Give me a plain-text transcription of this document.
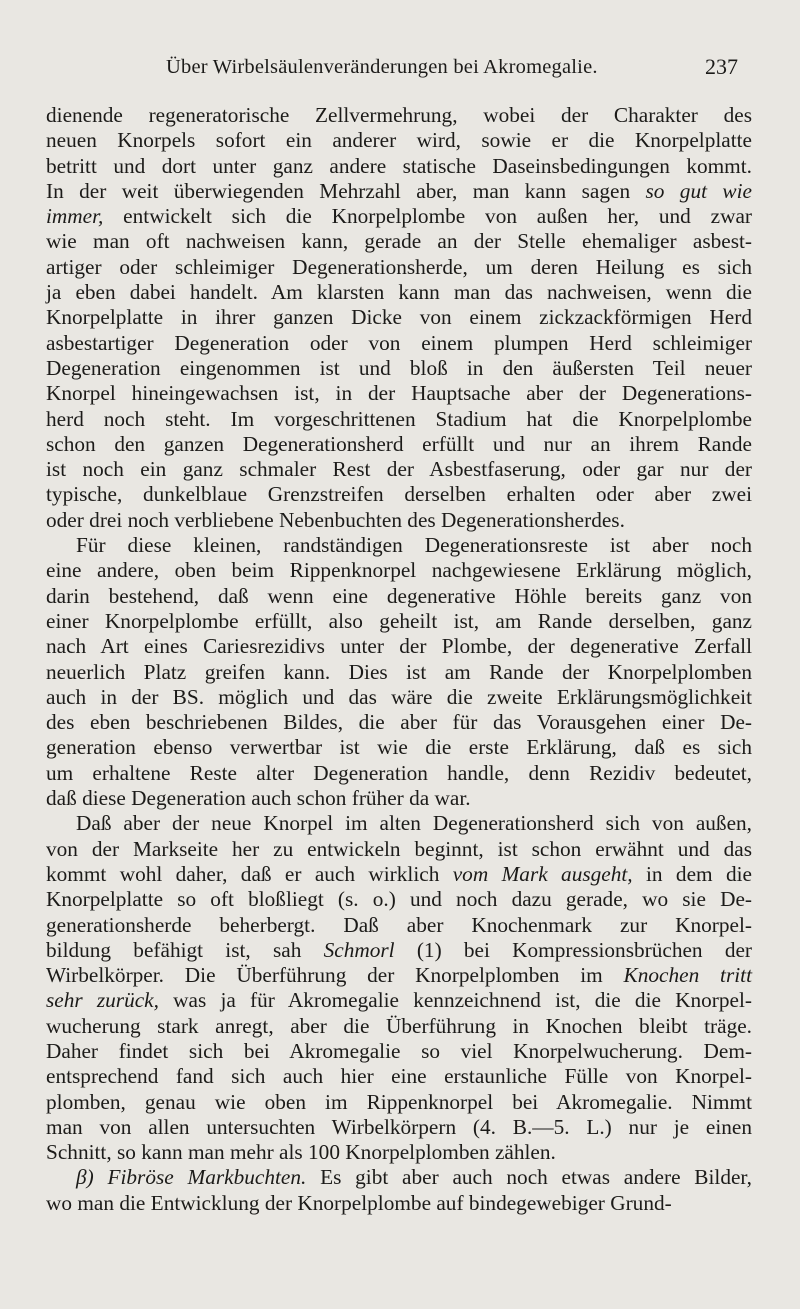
Über Wirbelsäulenveränderungen bei Akromegalie.	237
dienende regeneratorische Zellvermehrung, wobei der Charakter des
neuen Knorpels sofort ein anderer wird, sowie er die Knorpelplatte
betritt und dort unter ganz andere statische Daseinsbedingungen kommt.
In der weit überwiegenden Mehrzahl aber, man kann sagen so gut wie
immer, entwickelt sich die Knorpelplombe von außen her, und zwar
wie man oft nachweisen kann, gerade an der Stelle ehemaliger asbest-
artiger oder schleimiger Degenerationsherde, um deren Heilung es sich
ja eben dabei handelt. Am klarsten kann man das nachweisen, wenn die
Knorpelplatte in ihrer ganzen Dicke von einem zickzackförmigen Herd
asbestartiger Degeneration oder von einem plumpen Herd schleimiger
Degeneration eingenommen ist und bloß in den äußersten Teil neuer
Knorpel hineingewachsen ist, in der Hauptsache aber der Degenerations-
herd noch steht. Im vorgeschrittenen Stadium hat die Knorpelplombe
schon den ganzen Degenerationsherd erfüllt und nur an ihrem Rande
ist noch ein ganz schmaler Rest der Asbestfaserung, oder gar nur der
typische, dunkelblaue Grenzstreifen derselben erhalten oder aber zwei
oder drei noch verbliebene Nebenbuchten des Degenerationsherdes.
Für diese kleinen, randständigen Degenerationsreste ist aber noch
eine andere, oben beim Rippenknorpel nachgewiesene Erklärung möglich,
darin bestehend, daß wenn eine degenerative Höhle bereits ganz von
einer Knorpelplombe erfüllt, also geheilt ist, am Rande derselben, ganz
nach Art eines Cariesrezidivs unter der Plombe, der degenerative Zerfall
neuerlich Platz greifen kann. Dies ist am Rande der Knorpelplomben
auch in der BS. möglich und das wäre die zweite Erklärungsmöglichkeit
des eben beschriebenen Bildes, die aber für das Vorausgehen einer De-
generation ebenso verwertbar ist wie die erste Erklärung, daß es sich
um erhaltene Reste alter Degeneration handle, denn Rezidiv bedeutet,
daß diese Degeneration auch schon früher da war.
Daß aber der neue Knorpel im alten Degenerationsherd sich von außen,
von der Markseite her zu entwickeln beginnt, ist schon erwähnt und das
kommt wohl daher, daß er auch wirklich vom Mark ausgeht, in dem die
Knorpelplatte so oft bloßliegt (s. o.) und noch dazu gerade, wo sie De-
generationsherde beherbergt. Daß aber Knochenmark zur Knorpel-
bildung befähigt ist, sah Schmorl (1) bei Kompressionsbrüchen der
Wirbelkörper. Die Überführung der Knorpelplomben im Knochen tritt
sehr zurück, was ja für Akromegalie kennzeichnend ist, die die Knorpel-
wucherung stark anregt, aber die Überführung in Knochen bleibt träge.
Daher findet sich bei Akromegalie so viel Knorpelwucherung. Dem-
entsprechend fand sich auch hier eine erstaunliche Fülle von Knorpel-
plomben, genau wie oben im Rippenknorpel bei Akromegalie. Nimmt
man von allen untersuchten Wirbelkörpern (4. B.—5. L.) nur je einen
Schnitt, so kann man mehr als 100 Knorpelplomben zählen.
β) Fibröse Markbuchten. Es gibt aber auch noch etwas andere Bilder,
wo man die Entwicklung der Knorpelplombe auf bindegewebiger Grund-
